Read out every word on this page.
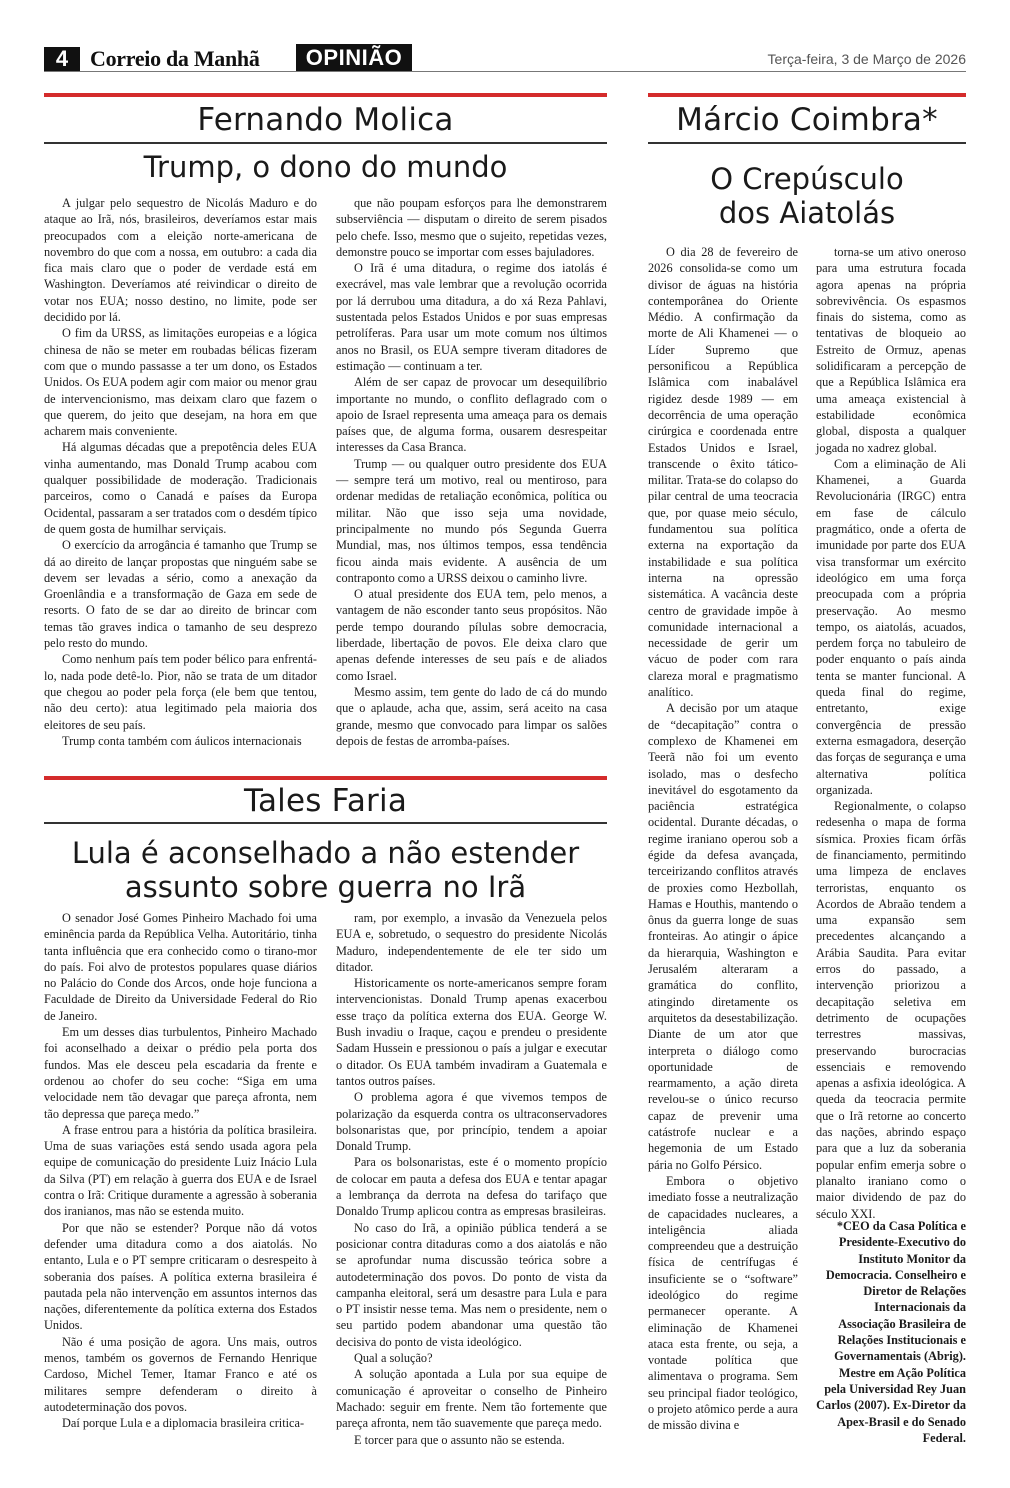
4 Correio da Manhã	OPINIÃO	Terça-feira, 3 de Março de 2026
Fernando Molica
Trump, o dono do mundo

A julgar pelo sequestro de Nicolás Maduro e do ataque ao Irã, nós, brasileiros, deveríamos estar mais preocupados com a eleição norte-americana de novembro do que com a nossa, em outubro: a cada dia fica mais claro que o poder de verdade está em Washington. Deveríamos até reivindicar o direito de votar nos EUA; nosso destino, no limite, pode ser decidido por lá.

O fim da URSS, as limitações europeias e a lógica chinesa de não se meter em roubadas bélicas fizeram com que o mundo passasse a ter um dono, os Estados Unidos. Os EUA podem agir com maior ou menor grau de intervencionismo, mas deixam claro que fazem o que querem, do jeito que desejam, na hora em que acharem mais conveniente.

Há algumas décadas que a prepotência deles EUA vinha aumentando, mas Donald Trump acabou com qualquer possibilidade de moderação. Tradicionais parceiros, como o Canadá e países da Europa Ocidental, passaram a ser tratados com o desdém típico de quem gosta de humilhar serviçais.

O exercício da arrogância é tamanho que Trump se dá ao direito de lançar propostas que ninguém sabe se devem ser levadas a sério, como a anexação da Groenlândia e a transformação de Gaza em sede de resorts. O fato de se dar ao direito de brincar com temas tão graves indica o tamanho de seu desprezo pelo resto do mundo.

Como nenhum país tem poder bélico para enfrentá-lo, nada pode detê-lo. Pior, não se trata de um ditador que chegou ao poder pela força (ele bem que tentou, não deu certo): atua legitimado pela maioria dos eleitores de seu país.

Trump conta também com áulicos internacionais

que não poupam esforços para lhe demonstrarem subserviência — disputam o direito de serem pisados pelo chefe. Isso, mesmo que o sujeito, repetidas vezes, demonstre pouco se importar com esses bajuladores.

O Irã é uma ditadura, o regime dos iatolás é execrável, mas vale lembrar que a revolução ocorrida por lá derrubou uma ditadura, a do xá Reza Pahlavi, sustentada pelos Estados Unidos e por suas empresas petrolíferas. Para usar um mote comum nos últimos anos no Brasil, os EUA sempre tiveram ditadores de estimação — continuam a ter.

Além de ser capaz de provocar um desequilíbrio importante no mundo, o conflito deflagrado com o apoio de Israel representa uma ameaça para os demais países que, de alguma forma, ousarem desrespeitar interesses da Casa Branca.

Trump — ou qualquer outro presidente dos EUA — sempre terá um motivo, real ou mentiroso, para ordenar medidas de retaliação econômica, política ou militar. Não que isso seja uma novidade, principalmente no mundo pós Segunda Guerra Mundial, mas, nos últimos tempos, essa tendência ficou ainda mais evidente. A ausência de um contraponto como a URSS deixou o caminho livre.

O atual presidente dos EUA tem, pelo menos, a vantagem de não esconder tanto seus propósitos. Não perde tempo dourando pílulas sobre democracia, liberdade, libertação de povos. Ele deixa claro que apenas defende interesses de seu país e de aliados como Israel.

Mesmo assim, tem gente do lado de cá do mundo que o aplaude, acha que, assim, será aceito na casa grande, mesmo que convocado para limpar os salões depois de festas de arromba-países.

Tales Faria
Lula é aconselhado a não estender
assunto sobre guerra no Irã

O senador José Gomes Pinheiro Machado foi uma eminência parda da República Velha. Autoritário, tinha tanta influência que era conhecido como o tirano-mor do país. Foi alvo de protestos populares quase diários no Palácio do Conde dos Arcos, onde hoje funciona a Faculdade de Direito da Universidade Federal do Rio de Janeiro.

Em um desses dias turbulentos, Pinheiro Machado foi aconselhado a deixar o prédio pela porta dos fundos. Mas ele desceu pela escadaria da frente e ordenou ao chofer do seu coche: “Siga em uma velocidade nem tão devagar que pareça afronta, nem tão depressa que pareça medo.”

A frase entrou para a história da política brasileira. Uma de suas variações está sendo usada agora pela equipe de comunicação do presidente Luiz Inácio Lula da Silva (PT) em relação à guerra dos EUA e de Israel contra o Irã: Critique duramente a agressão à soberania dos iranianos, mas não se estenda muito.

Por que não se estender? Porque não dá votos defender uma ditadura como a dos aiatolás. No entanto, Lula e o PT sempre criticaram o desrespeito à soberania dos países. A política externa brasileira é pautada pela não intervenção em assuntos internos das nações, diferentemente da política externa dos Estados Unidos.

Não é uma posição de agora. Uns mais, outros menos, também os governos de Fernando Henrique Cardoso, Michel Temer, Itamar Franco e até os militares sempre defenderam o direito à autodeterminação dos povos.

Daí porque Lula e a diplomacia brasileira critica-

ram, por exemplo, a invasão da Venezuela pelos EUA e, sobretudo, o sequestro do presidente Nicolás Maduro, independentemente de ele ter sido um ditador.

Historicamente os norte-americanos sempre foram intervencionistas. Donald Trump apenas exacerbou esse traço da política externa dos EUA. George W. Bush invadiu o Iraque, caçou e prendeu o presidente Sadam Hussein e pressionou o país a julgar e executar o ditador. Os EUA também invadiram a Guatemala e tantos outros países.

O problema agora é que vivemos tempos de polarização da esquerda contra os ultraconservadores bolsonaristas que, por princípio, tendem a apoiar Donald Trump.

Para os bolsonaristas, este é o momento propício de colocar em pauta a defesa dos EUA e tentar apagar a lembrança da derrota na defesa do tarifaço que Donaldo Trump aplicou contra as empresas brasileiras.

No caso do Irã, a opinião pública tenderá a se posicionar contra ditaduras como a dos aiatolás e não se aprofundar numa discussão teórica sobre a autodeterminação dos povos. Do ponto de vista da campanha eleitoral, será um desastre para Lula e para o PT insistir nesse tema. Mas nem o presidente, nem o seu partido podem abandonar uma questão tão decisiva do ponto de vista ideológico.

Qual a solução?

A solução apontada a Lula por sua equipe de comunicação é aproveitar o conselho de Pinheiro Machado: seguir em frente. Nem tão fortemente que pareça afronta, nem tão suavemente que pareça medo.

E torcer para que o assunto não se estenda.

Márcio Coimbra*
O Crepúsculo
dos Aiatolás

O dia 28 de fevereiro de 2026 consolida-se como um divisor de águas na história contemporânea do Oriente Médio. A confirmação da morte de Ali Khamenei — o Líder Supremo que personificou a República Islâmica com inabalável rigidez desde 1989 — em decorrência de uma operação cirúrgica e coordenada entre Estados Unidos e Israel, transcende o êxito tático-militar. Trata-se do colapso do pilar central de uma teocracia que, por quase meio século, fundamentou sua política externa na exportação da instabilidade e sua política interna na opressão sistemática. A vacância deste centro de gravidade impõe à comunidade internacional a necessidade de gerir um vácuo de poder com rara clareza moral e pragmatismo analítico.

A decisão por um ataque de “decapitação” contra o complexo de Khamenei em Teerã não foi um evento isolado, mas o desfecho inevitável do esgotamento da paciência estratégica ocidental. Durante décadas, o regime iraniano operou sob a égide da defesa avançada, terceirizando conflitos através de proxies como Hezbollah, Hamas e Houthis, mantendo o ônus da guerra longe de suas fronteiras. Ao atingir o ápice da hierarquia, Washington e Jerusalém alteraram a gramática do conflito, atingindo diretamente os arquitetos da desestabilização. Diante de um ator que interpreta o diálogo como oportunidade de rearmamento, a ação direta revelou-se o único recurso capaz de prevenir uma catástrofe nuclear e a hegemonia de um Estado pária no Golfo Pérsico.

Embora o objetivo imediato fosse a neutralização de capacidades nucleares, a inteligência aliada compreendeu que a destruição física de centrífugas é insuficiente se o “software” ideológico do regime permanecer operante. A eliminação de Khamenei ataca esta frente, ou seja, a vontade política que alimentava o programa. Sem seu principal fiador teológico, o projeto atômico perde a aura de missão divina e

torna-se um ativo oneroso para uma estrutura focada agora apenas na própria sobrevivência. Os espasmos finais do sistema, como as tentativas de bloqueio ao Estreito de Ormuz, apenas solidificaram a percepção de que a República Islâmica era uma ameaça existencial à estabilidade econômica global, disposta a qualquer jogada no xadrez global.

Com a eliminação de Ali Khamenei, a Guarda Revolucionária (IRGC) entra em fase de cálculo pragmático, onde a oferta de imunidade por parte dos EUA visa transformar um exército ideológico em uma força preocupada com a própria preservação. Ao mesmo tempo, os aiatolás, acuados, perdem força no tabuleiro de poder enquanto o país ainda tenta se manter funcional. A queda final do regime, entretanto, exige convergência de pressão externa esmagadora, deserção das forças de segurança e uma alternativa política organizada.

Regionalmente, o colapso redesenha o mapa de forma sísmica. Proxies ficam órfãs de financiamento, permitindo uma limpeza de enclaves terroristas, enquanto os Acordos de Abraão tendem a uma expansão sem precedentes alcançando a Arábia Saudita. Para evitar erros do passado, a intervenção priorizou a decapitação seletiva em detrimento de ocupações terrestres massivas, preservando burocracias essenciais e removendo apenas a asfixia ideológica. A queda da teocracia permite que o Irã retorne ao concerto das nações, abrindo espaço para que a luz da soberania popular enfim emerja sobre o planalto iraniano como o maior dividendo de paz do século XXI.

*CEO da Casa Política e Presidente-Executivo do Instituto Monitor da Democracia. Conselheiro e Diretor de Relações Internacionais da Associação Brasileira de Relações Institucionais e Governamentais (Abrig). Mestre em Ação Política pela Universidad Rey Juan Carlos (2007). Ex-Diretor da Apex-Brasil e do Senado Federal.
